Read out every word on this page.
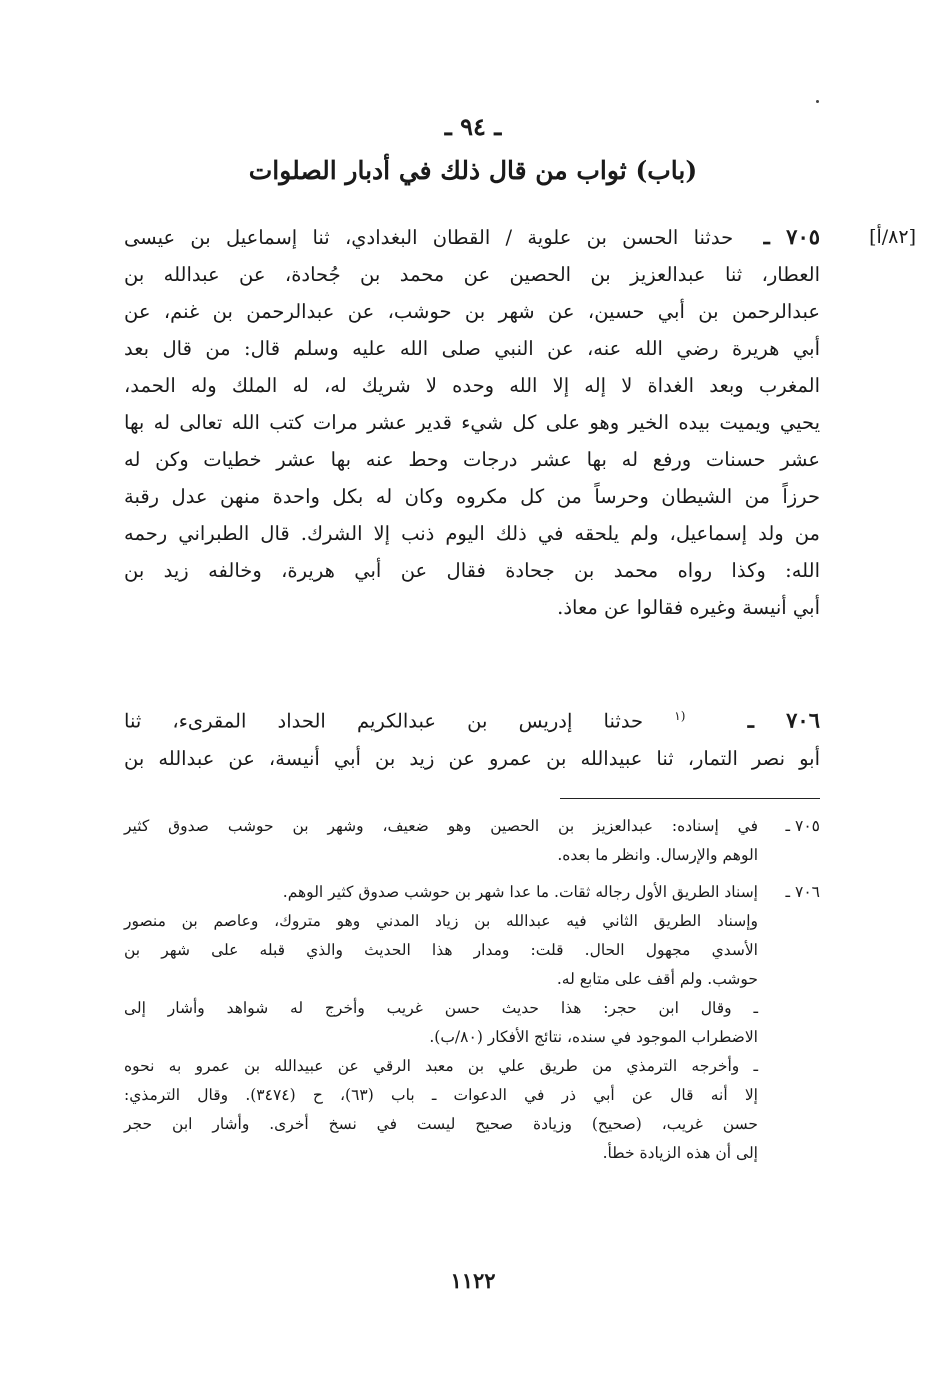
ـ ٩٤ ـ
(باب) ثواب من قال ذلك في أدبار الصلوات
[٨٢/أ]
٧٠٥ ـ  حدثنا الحسن بن علوية / القطان البغدادي، ثنا إسماعيل بن عيسى
العطار، ثنا عبدالعزيز بن الحصين عن محمد بن جُحادة، عن عبدالله بن
عبدالرحمن بن أبي حسين، عن شهر بن حوشب، عن عبدالرحمن بن غنم، عن
أبي هريرة رضي الله عنه، عن النبي صلى الله عليه وسلم قال: من قال بعد
المغرب وبعد الغداة لا إله إلا الله وحده لا شريك له، له الملك وله الحمد،
يحيي ويميت بيده الخير وهو على كل شيء قدير عشر مرات كتب الله تعالى له بها
عشر حسنات ورفع له بها عشر درجات وحط عنه بها عشر خطيات وكن له
حرزاً من الشيطان وحرساً من كل مكروه وكان له بكل واحدة منهن عدل رقبة
من ولد إسماعيل، ولم يلحقه في ذلك اليوم ذنب إلا الشرك. قال الطبراني رحمه
الله: وكذا رواه محمد بن جحادة فقال عن أبي هريرة، وخالفه زيد بن
أبي أنيسة وغيره فقالوا عن معاذ.
٧٠٦ ـ  $^{(١}$ حدثنا إدريس بن عبدالكريم الحداد المقرىء، ثنا
أبو نصر التمار، ثنا عبيدالله بن عمرو عن زيد بن أبي أنيسة، عن عبدالله بن
٧٠٥ ـ
في إسناده: عبدالعزيز بن الحصين وهو ضعيف، وشهر بن حوشب صدوق كثير
الوهم والإرسال. وانظر ما بعده.
٧٠٦ ـ
إسناد الطريق الأول رجاله ثقات. ما عدا شهر بن حوشب صدوق كثير الوهم.
وإسناد الطريق الثاني فيه عبدالله بن زياد المدني وهو متروك، وعاصم بن منصور
الأسدي مجهول الحال. قلت: ومدار هذا الحديث والذي قبله على شهر بن
حوشب. ولم أقف على متابع له.
ـ وقال ابن حجر: هذا حديث حسن غريب وأخرج له شواهد وأشار إلى
الاضطراب الموجود في سنده، نتائج الأفكار (٨٠/ب).
ـ وأخرجه الترمذي من طريق علي بن معبد الرقي عن عبيدالله بن عمرو به نحوه
إلا أنه قال عن أبي ذر في الدعوات ـ باب (٦٣)، ح (٣٤٧٤). وقال الترمذي:
حسن غريب، (صحيح) وزيادة صحيح ليست في نسخ أخرى. وأشار ابن حجر
إلى أن هذه الزيادة خطأ.
١١٢٢
